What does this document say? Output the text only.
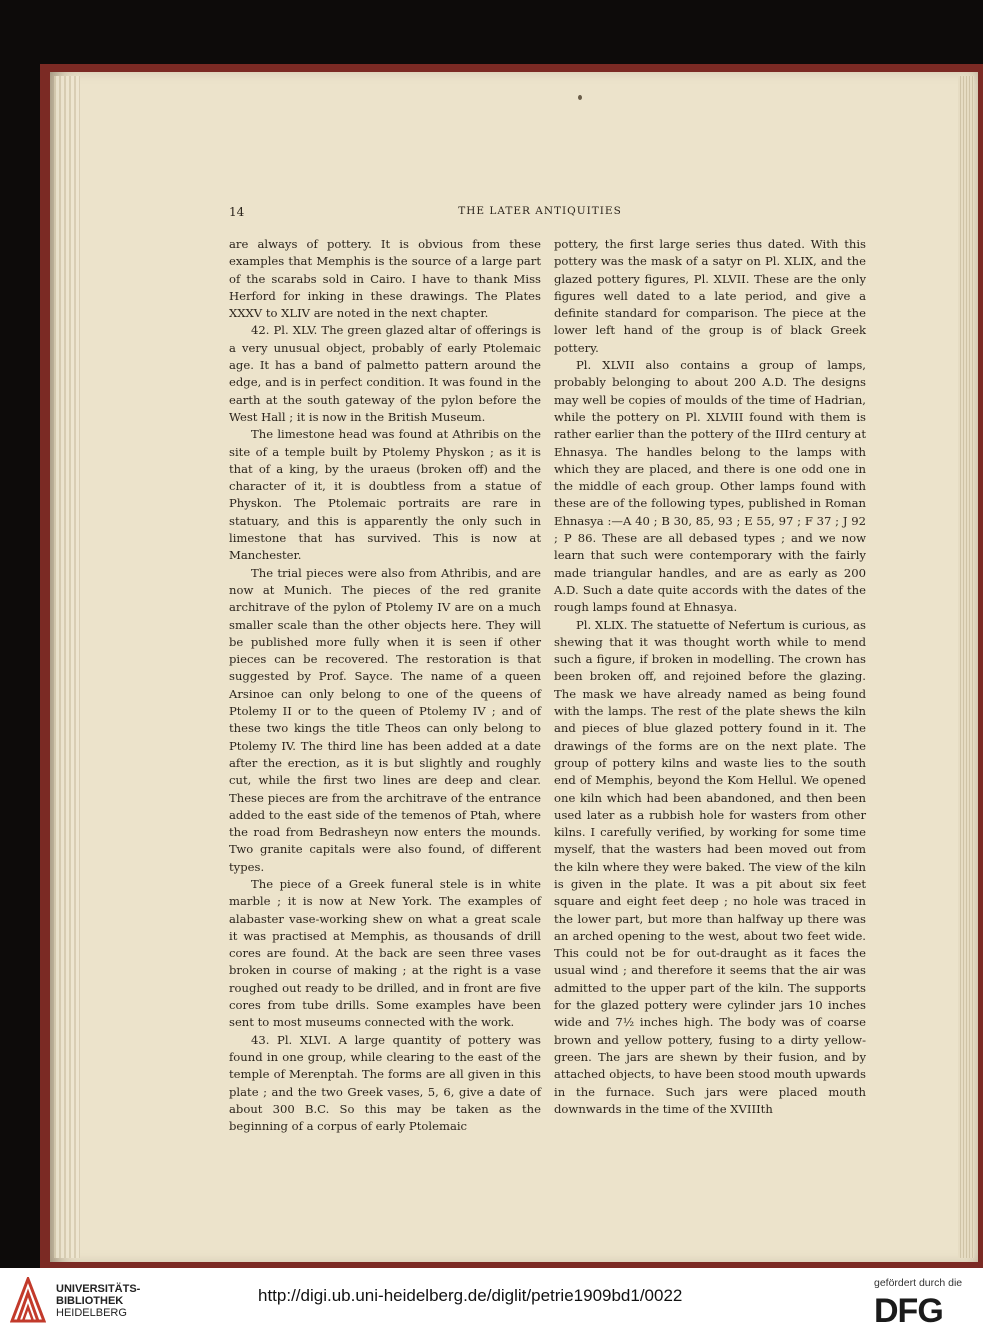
14	THE LATER ANTIQUITIES

are always of pottery. It is obvious from these examples that Memphis is the source of a large part of the scarabs sold in Cairo. I have to thank Miss Herford for inking in these drawings. The Plates XXXV to XLIV are noted in the next chapter.

42. Pl. XLV. The green glazed altar of offerings is a very unusual object, probably of early Ptolemaic age. It has a band of palmetto pattern around the edge, and is in perfect condition. It was found in the earth at the south gateway of the pylon before the West Hall ; it is now in the British Museum.

The limestone head was found at Athribis on the site of a temple built by Ptolemy Physkon ; as it is that of a king, by the uraeus (broken off) and the character of it, it is doubtless from a statue of Physkon. The Ptolemaic portraits are rare in statuary, and this is apparently the only such in limestone that has survived. This is now at Manchester.

The trial pieces were also from Athribis, and are now at Munich. The pieces of the red granite architrave of the pylon of Ptolemy IV are on a much smaller scale than the other objects here. They will be published more fully when it is seen if other pieces can be recovered. The restoration is that suggested by Prof. Sayce. The name of a queen Arsinoe can only belong to one of the queens of Ptolemy II or to the queen of Ptolemy IV ; and of these two kings the title Theos can only belong to Ptolemy IV. The third line has been added at a date after the erection, as it is but slightly and roughly cut, while the first two lines are deep and clear. These pieces are from the architrave of the entrance added to the east side of the temenos of Ptah, where the road from Bedrasheyn now enters the mounds. Two granite capitals were also found, of different types.

The piece of a Greek funeral stele is in white marble ; it is now at New York. The examples of alabaster vase-working shew on what a great scale it was practised at Memphis, as thousands of drill cores are found. At the back are seen three vases broken in course of making ; at the right is a vase roughed out ready to be drilled, and in front are five cores from tube drills. Some examples have been sent to most museums connected with the work.

43. Pl. XLVI. A large quantity of pottery was found in one group, while clearing to the east of the temple of Merenptah. The forms are all given in this plate ; and the two Greek vases, 5, 6, give a date of about 300 B.C. So this may be taken as the beginning of a corpus of early Ptolemaic

pottery, the first large series thus dated. With this pottery was the mask of a satyr on Pl. XLIX, and the glazed pottery figures, Pl. XLVII. These are the only figures well dated to a late period, and give a definite standard for comparison. The piece at the lower left hand of the group is of black Greek pottery.

Pl. XLVII also contains a group of lamps, probably belonging to about 200 A.D. The designs may well be copies of moulds of the time of Hadrian, while the pottery on Pl. XLVIII found with them is rather earlier than the pottery of the IIIrd century at Ehnasya. The handles belong to the lamps with which they are placed, and there is one odd one in the middle of each group. Other lamps found with these are of the following types, published in Roman Ehnasya :—A 40 ; B 30, 85, 93 ; E 55, 97 ; F 37 ; J 92 ; P 86. These are all debased types ; and we now learn that such were contemporary with the fairly made triangular handles, and are as early as 200 A.D. Such a date quite accords with the dates of the rough lamps found at Ehnasya.

Pl. XLIX. The statuette of Nefertum is curious, as shewing that it was thought worth while to mend such a figure, if broken in modelling. The crown has been broken off, and rejoined before the glazing. The mask we have already named as being found with the lamps. The rest of the plate shews the kiln and pieces of blue glazed pottery found in it. The drawings of the forms are on the next plate. The group of pottery kilns and waste lies to the south end of Memphis, beyond the Kom Hellul. We opened one kiln which had been abandoned, and then been used later as a rubbish hole for wasters from other kilns. I carefully verified, by working for some time myself, that the wasters had been moved out from the kiln where they were baked. The view of the kiln is given in the plate. It was a pit about six feet square and eight feet deep ; no hole was traced in the lower part, but more than halfway up there was an arched opening to the west, about two feet wide. This could not be for out-draught as it faces the usual wind ; and therefore it seems that the air was admitted to the upper part of the kiln. The supports for the glazed pottery were cylinder jars 10 inches wide and 7½ inches high. The body was of coarse brown and yellow pottery, fusing to a dirty yellow-green. The jars are shewn by their fusion, and by attached objects, to have been stood mouth upwards in the furnace. Such jars were placed mouth downwards in the time of the XVIIIth

UNIVERSITÄTS-
BIBLIOTHEK
HEIDELBERG
http://digi.ub.uni-heidelberg.de/diglit/petrie1909bd1/0022
gefördert durch die
DFG
